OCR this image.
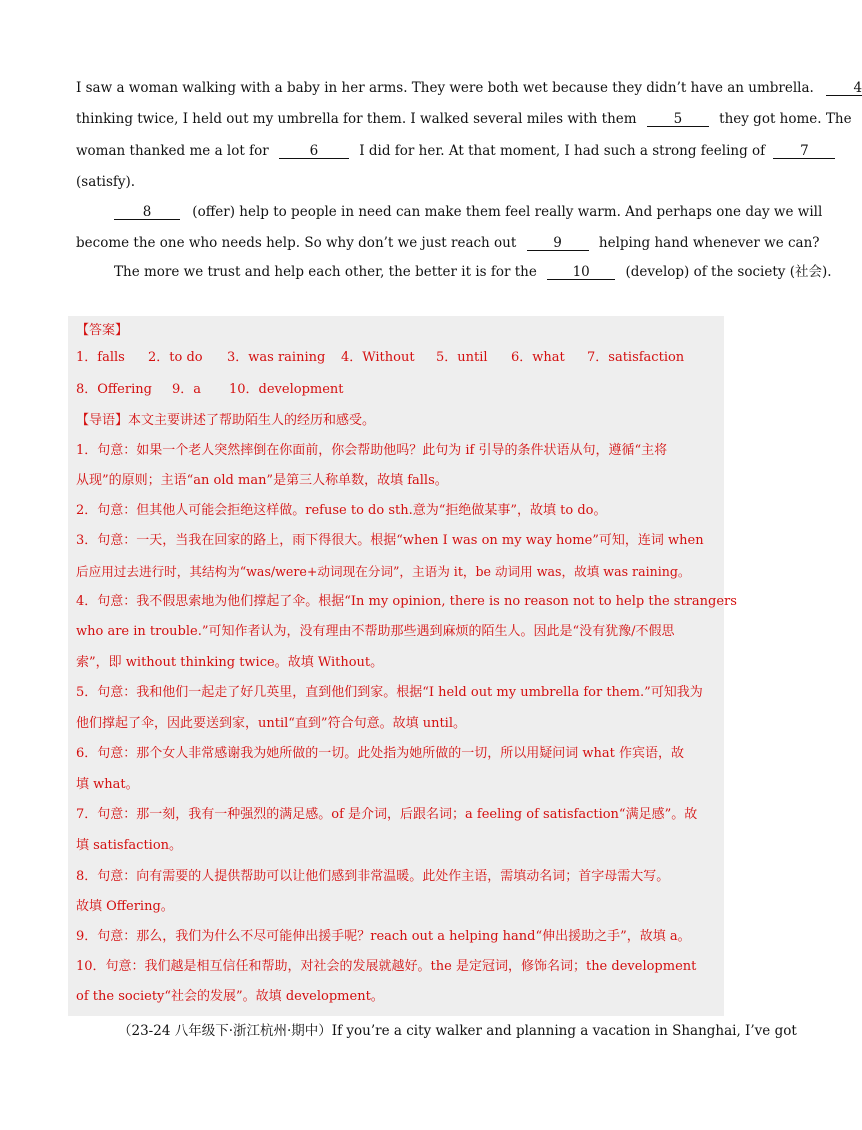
I saw a woman walking with a baby in her arms. They were both wet because they didn’t have an umbrella.	4
thinking twice, I held out my umbrella for them. I walked several miles with them	5	they got home. The
woman thanked me a lot for	6	I did for her. At that moment, I had such a strong feeling of	7
(satisfy).
8	(offer) help to people in need can make them feel really warm. And perhaps one day we will
become the one who needs help. So why don’t we just reach out	9	helping hand whenever we can?
The more we trust and help each other, the better it is for the	10	(develop) of the society (社会).
【答案】
1．falls 2．to do 3．was raining 4．Without 5．until 6．what 7．satisfaction
8．Offering 9．a 10．development
【导语】本文主要讲述了帮助陌生人的经历和感受。
1．句意：如果一个老人突然摔倒在你面前，你会帮助他吗？此句为 if 引导的条件状语从句，遵循“主将
从现”的原则；主语“an old man”是第三人称单数，故填 falls。
2．句意：但其他人可能会拒绝这样做。refuse to do sth.意为“拒绝做某事”，故填 to do。
3．句意：一天，当我在回家的路上，雨下得很大。根据“when I was on my way home”可知，连词 when
后应用过去进行时，其结构为“was/were+动词现在分词”，主语为 it，be 动词用 was，故填 was raining。
4．句意：我不假思索地为他们撑起了伞。根据“In my opinion, there is no reason not to help the strangers
who are in trouble.”可知作者认为，没有理由不帮助那些遇到麻烦的陌生人。因此是“没有犹豫/不假思
索”，即 without thinking twice。故填 Without。
5．句意：我和他们一起走了好几英里，直到他们到家。根据“I held out my umbrella for them.”可知我为
他们撑起了伞，因此要送到家，until“直到”符合句意。故填 until。
6．句意：那个女人非常感谢我为她所做的一切。此处指为她所做的一切，所以用疑问词 what 作宾语，故
填 what。
7．句意：那一刻，我有一种强烈的满足感。of 是介词，后跟名词；a feeling of satisfaction“满足感”。故
填 satisfaction。
8．句意：向有需要的人提供帮助可以让他们感到非常温暖。此处作主语，需填动名词；首字母需大写。
故填 Offering。
9．句意：那么，我们为什么不尽可能伸出援手呢？reach out a helping hand“伸出援助之手”，故填 a。
10．句意：我们越是相互信任和帮助，对社会的发展就越好。the 是定冠词，修饰名词；the development
of the society“社会的发展”。故填 development。
（23-24 八年级下·浙江杭州·期中）If you’re a city walker and planning a vacation in Shanghai, I’ve got
